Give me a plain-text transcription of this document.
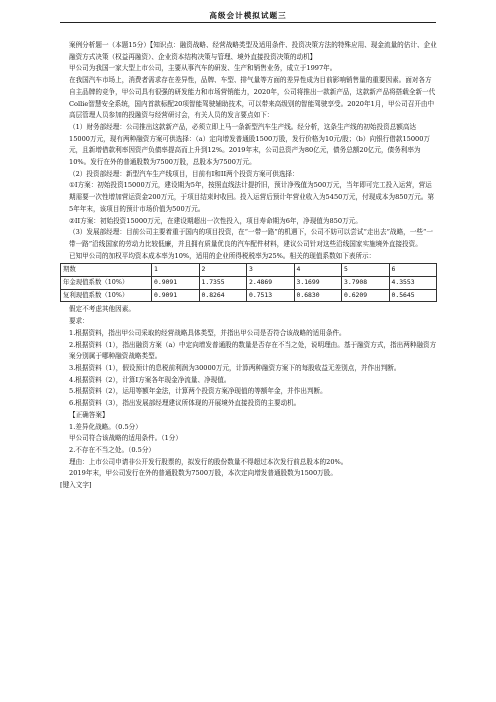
高级会计模拟试题三

案例分析题一（本题15分）【知识点：融资战略、经营战略类型及适用条件、投资决策方法的特殊应用、现金流量的估计、企业融资方式决策（权益再融资）、企业资本结构决策与管理、境外直接投资决策的动机】

甲公司为我国一家大型上市公司，主要从事汽车的研发、生产和销售业务，成立于1997年。

在我国汽车市场上，消费者需求存在差异性，品牌、车型、排气量等方面的差异性成为目前影响销售量的重要因素。面对各方自主品牌的竞争，甲公司具有很强的研发能力和市场营销能力，2020年，公司将推出一款新产品，这款新产品将搭载全新一代Collie智慧安全系统，国内首款标配20项智能驾驶辅助技术，可以带来高级别的智能驾驶享受。2020年1月，甲公司召开由中高层管理人员参加的投融资与经营研讨会，有关人员的发言要点如下：

（1）财务部经理：公司推出这款新产品，必须立即上马一条新型汽车生产线。经分析，这条生产线的初始投资总额高达15000万元，现有两种融资方案可供选择：（a）定向增发普通股1500万股，发行价格为10元/股；（b）向银行借款15000万元，且新增借款利率因资产负债率提高而上升到12%。2019年末，公司总资产为80亿元，债务总额20亿元，债务利率为10%。发行在外的普通股数为7500万股，总股本为7500万元。

（2）投资部经理：新型汽车生产线项目，目前有I和II两个投资方案可供选择：

①I方案：初始投资15000万元，建设期为5年，按照直线法计提折旧，预计净残值为500万元，当年即可完工投入运营，营运期需要一次性增加营运资金200万元，于项目结束时收回。投入运营后预计年营业收入为5450万元，付现成本为850万元。第5年年末，该项目的预计市场价值为500万元。

②II方案：初始投资15000万元，在建设期超出一次性投入，项目寿命期为6年，净现值为850万元。

（3）发展部经理：目前公司主要着重于国内的项目投资，在“一带一路”的机遇下，公司不妨可以尝试“走出去”战略，一些“一带一路”沿线国家的劳动力比较低廉，并且拥有质量优良的汽车配件材料，建议公司针对这些沿线国家实施境外直接投资。

已知甲公司的加权平均资本成本率为10%，适用的企业所得税税率为25%。相关的现值系数如下表所示：

期数	1	2	3	4	5	6
年金现值系数（10%）	0.9091	1.7355	2.4869	3.1699	3.7908	4.3553
复利现值系数（10%）	0.9091	0.8264	0.7513	0.6830	0.6209	0.5645

假定不考虑其他因素。

要求：

1.根据资料，指出甲公司采取的经营战略具体类型，并指出甲公司是否符合该战略的适用条件。

2.根据资料（1），指出融资方案（a）中定向增发普通股的数量是否存在不当之处，说明理由。基于融资方式，指出两种融资方案分别属于哪种融资战略类型。

3.根据资料（1），假设预计的息税前利润为30000万元，计算两种融资方案下的每股收益无差别点，并作出判断。

4.根据资料（2），计算I方案各年现金净流量、净现值。

5.根据资料（2），运用等额年金法，计算两个投资方案净现值的等额年金，并作出判断。

6.根据资料（3），指出发展部经理建议所体现的开展境外直接投资的主要动机。

【正确答案】

1.差异化战略。（0.5分）

甲公司符合该战略的适用条件。（1分）

2.不存在不当之处。（0.5分）

理由：上市公司申请非公开发行股票的，拟发行的股份数量不得超过本次发行前总股本的20%。

2019年末，甲公司发行在外的普通股数为7500万股，本次定向增发普通股数为1500万股。

[键入文字]
